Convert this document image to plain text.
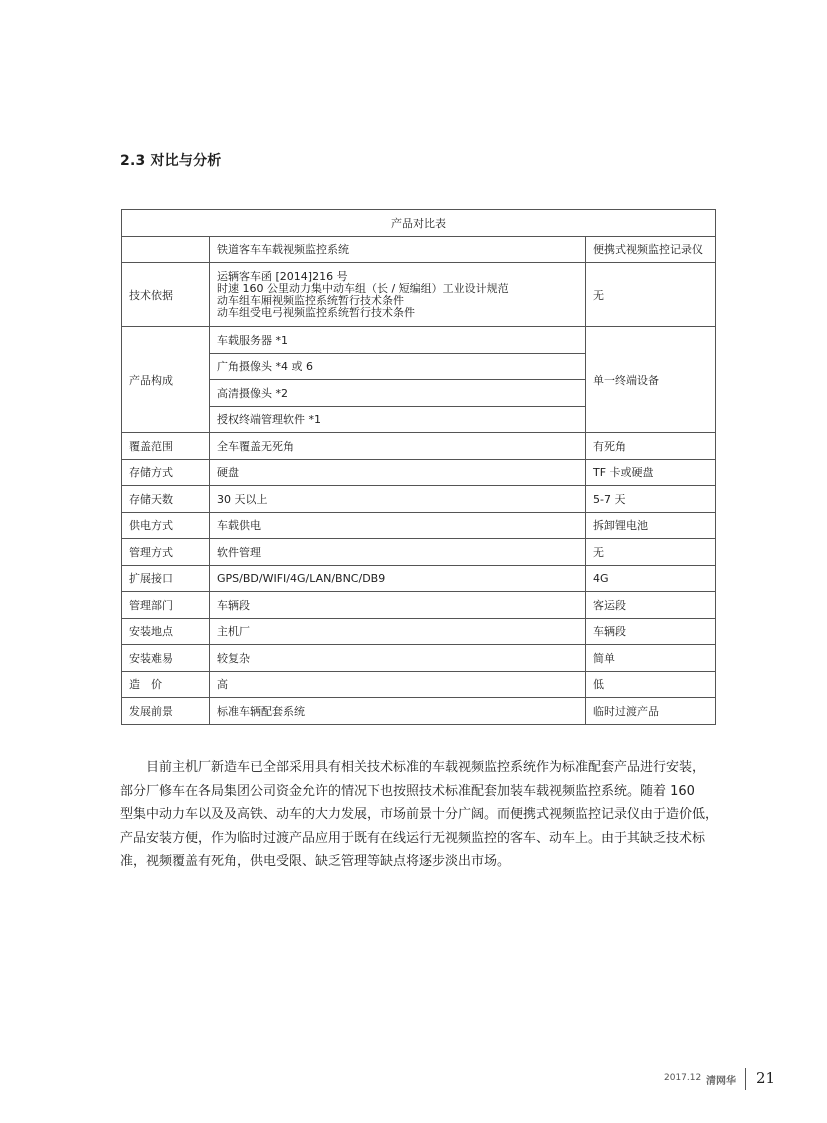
2.3 对比与分析
产品对比表		
	铁道客车车载视频监控系统	便携式视频监控记录仪
技术依据	运辆客车函 [2014]216 号
时速 160 公里动力集中动车组（长 / 短编组）工业设计规范
动车组车厢视频监控系统暂行技术条件
动车组受电弓视频监控系统暂行技术条件	无
产品构成	车载服务器 *1	单一终端设备
	广角摄像头 *4 或 6	
	高清摄像头 *2	
	授权终端管理软件 *1	
覆盖范围	全车覆盖无死角	有死角
存储方式	硬盘	TF 卡或硬盘
存储天数	30 天以上	5-7 天
供电方式	车载供电	拆卸锂电池
管理方式	软件管理	无
扩展接口	GPS/BD/WIFI/4G/LAN/BNC/DB9	4G
管理部门	车辆段	客运段
安装地点	主机厂	车辆段
安装难易	较复杂	简单
造　价	高	低
发展前景	标准车辆配套系统	临时过渡产品
目前主机厂新造车已全部采用具有相关技术标准的车载视频监控系统作为标准配套产品进行安装，
部分厂修车在各局集团公司资金允许的情况下也按照技术标准配套加装车载视频监控系统。随着 160
型集中动力车以及及高铁、动车的大力发展，市场前景十分广阔。而便携式视频监控记录仪由于造价低，
产品安装方便，作为临时过渡产品应用于既有在线运行无视频监控的客车、动车上。由于其缺乏技术标
准，视频覆盖有死角，供电受限、缺乏管理等缺点将逐步淡出市场。
2017.12 清网华 21
